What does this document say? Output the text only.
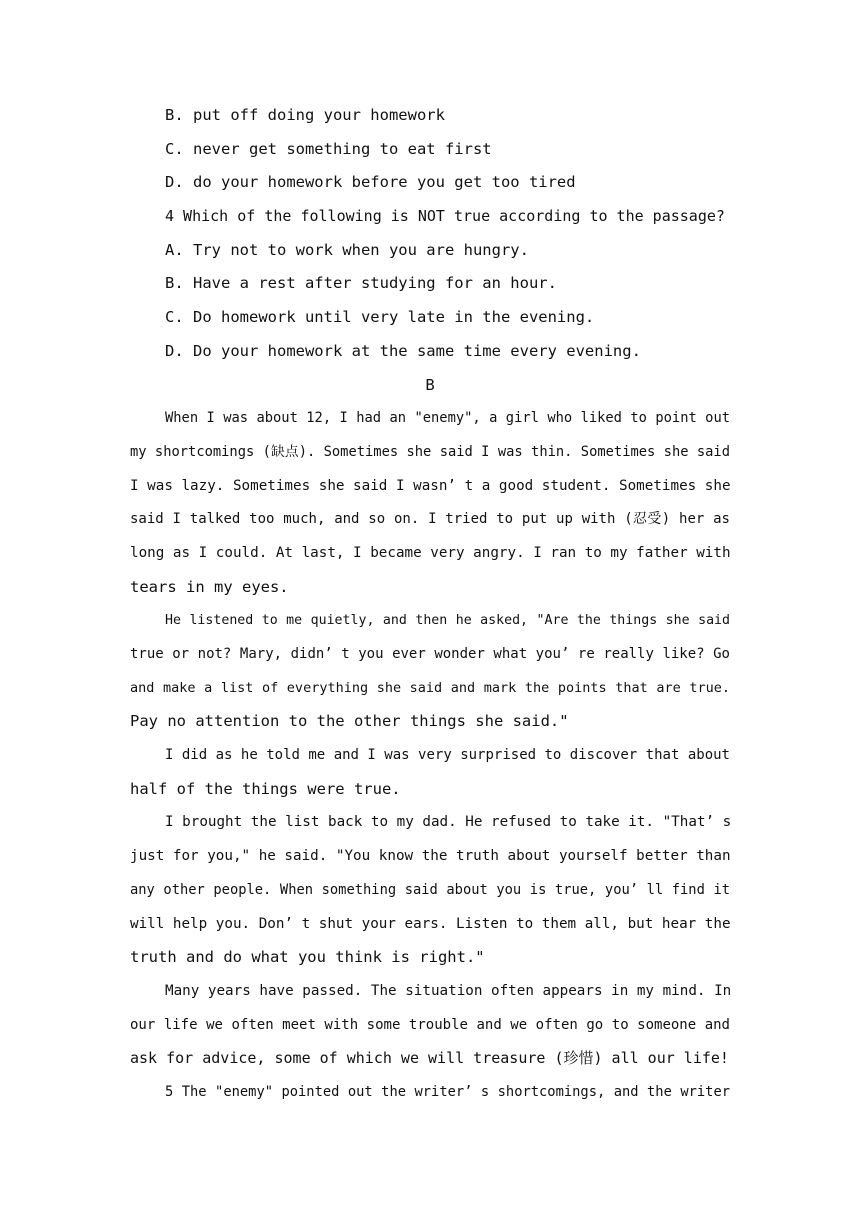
B. put off doing your homework
C. never get something to eat first
D. do your homework before you get too tired
4 Which of the following is NOT true according to the passage?
A. Try not to work when you are hungry.
B. Have a rest after studying for an hour.
C. Do homework until very late in the evening.
D. Do your homework at the same time every evening.
B
When I was about 12, I had an "enemy", a girl who liked to point out
my shortcomings (缺点). Sometimes she said I was thin. Sometimes she said
I was lazy. Sometimes she said I wasn’ t a good student. Sometimes she
said I talked too much, and so on. I tried to put up with (忍受) her as
long as I could. At last, I became very angry. I ran to my father with
tears in my eyes.
He listened to me quietly, and then he asked, "Are the things she said
true or not? Mary, didn’ t you ever wonder what you’ re really like? Go
and make a list of everything she said and mark the points that are true.
Pay no attention to the other things she said."
I did as he told me and I was very surprised to discover that about
half of the things were true.
I brought the list back to my dad. He refused to take it. "That’ s
just for you," he said. "You know the truth about yourself better than
any other people. When something said about you is true, you’ ll find it
will help you. Don’ t shut your ears. Listen to them all, but hear the
truth and do what you think is right."
Many years have passed. The situation often appears in my mind. In
our life we often meet with some trouble and we often go to someone and
ask for advice, some of which we will treasure (珍惜) all our life!
5 The "enemy" pointed out the writer’ s shortcomings, and the writer
